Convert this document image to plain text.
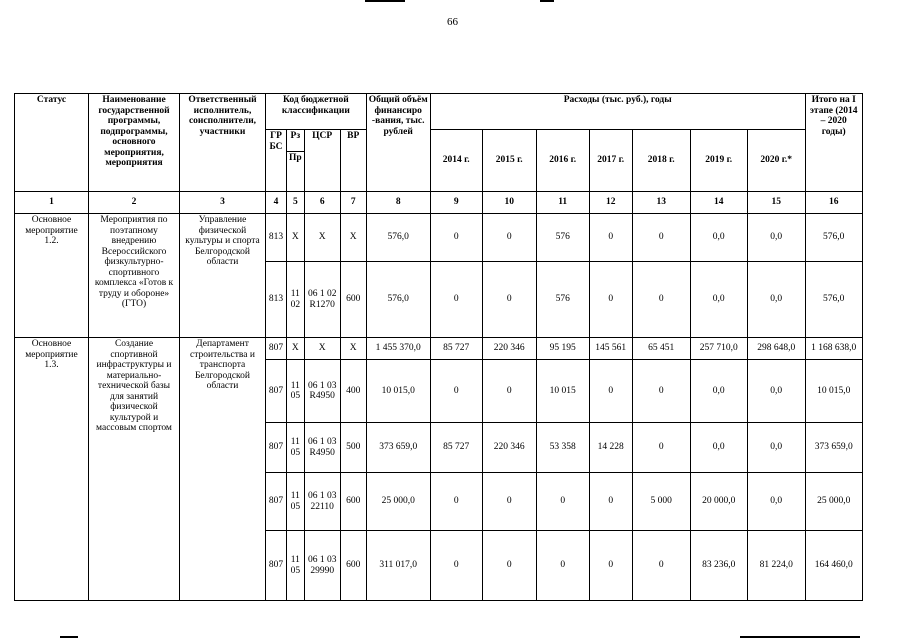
66
Статус	Наименование государственной программы, подпрограммы, основного мероприятия, мероприятия	Ответственный исполнитель, соисполнители, участники	Код бюджетной классификации				Общий объём финансиро -вания, тыс. рублей	Расходы (тыс. руб.), годы							Итого на I этапе (2014 – 2020 годы)
			ГР БС	Рз	ЦСР	ВР		2014 г.	2015 г.	2016 г.	2017 г.	2018 г.	2019 г.	2020 г.*	
				Пр											
1	2	3	4	5	6	7	8	9	10	11	12	13	14	15	16
Основное мероприятие 1.2.	Мероприятия по поэтапному внедрению Всероссийского физкультурно-спортивного комплекса «Готов к труду и обороне» (ГТО)	Управление физической культуры и спорта Белгородской области	813	X	X	X	576,0	0	0	576	0	0	0,0	0,0	576,0
			813	11 02	06 1 02 R1270	600	576,0	0	0	576	0	0	0,0	0,0	576,0
Основное мероприятие 1.3.	Создание спортивной инфраструктуры и материально-технической базы для занятий физической культурой и массовым спортом	Департамент строительства и транспорта Белгородской области	807	X	X	X	1 455 370,0	85 727	220 346	95 195	145 561	65 451	257 710,0	298 648,0	1 168 638,0
			807	11 05	06 1 03 R4950	400	10 015,0	0	0	10 015	0	0	0,0	0,0	10 015,0
			807	11 05	06 1 03 R4950	500	373 659,0	85 727	220 346	53 358	14 228	0	0,0	0,0	373 659,0
			807	11 05	06 1 03 22110	600	25 000,0	0	0	0	0	5 000	20 000,0	0,0	25 000,0
			807	11 05	06 1 03 29990	600	311 017,0	0	0	0	0	0	83 236,0	81 224,0	164 460,0
